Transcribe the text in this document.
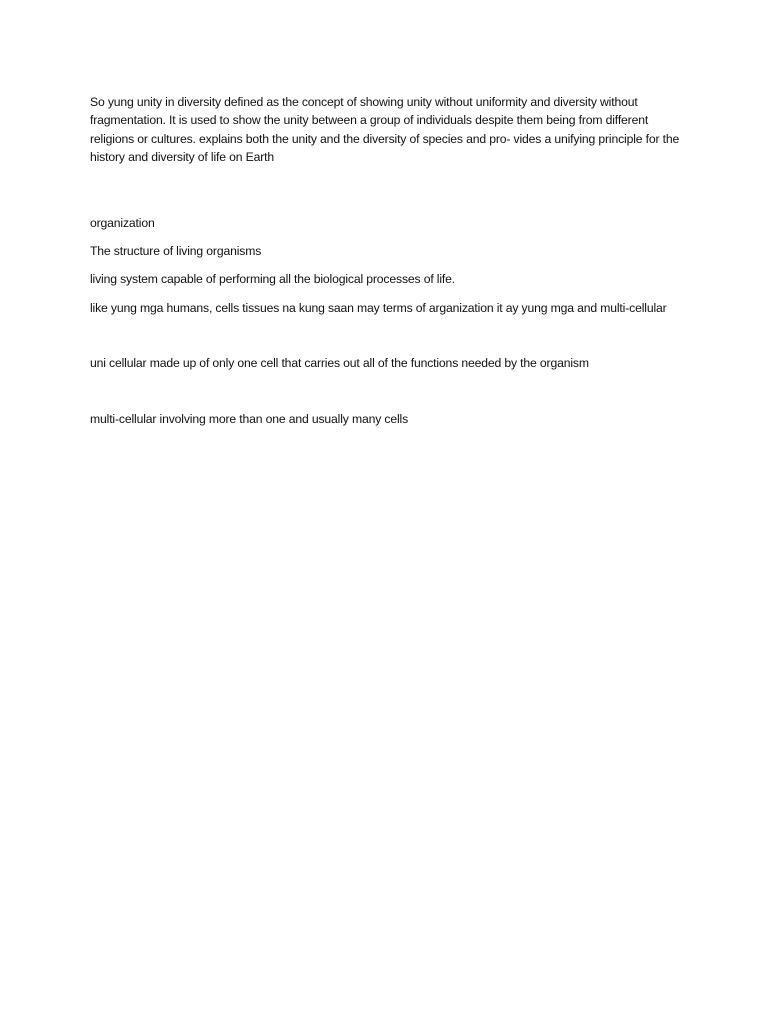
So yung unity in diversity defined as the concept of showing unity without uniformity and diversity without fragmentation. It is used to show the unity between a group of individuals despite them being from different religions or cultures. explains both the unity and the diversity of species and pro- vides a unifying principle for the history and diversity of life on Earth

organization

The structure of living organisms

living system capable of performing all the biological processes of life.

like yung mga humans, cells tissues na kung saan may terms of arganization it ay yung mga and multi-cellular

uni cellular made up of only one cell that carries out all of the functions needed by the organism

multi-cellular involving more than one and usually many cells
